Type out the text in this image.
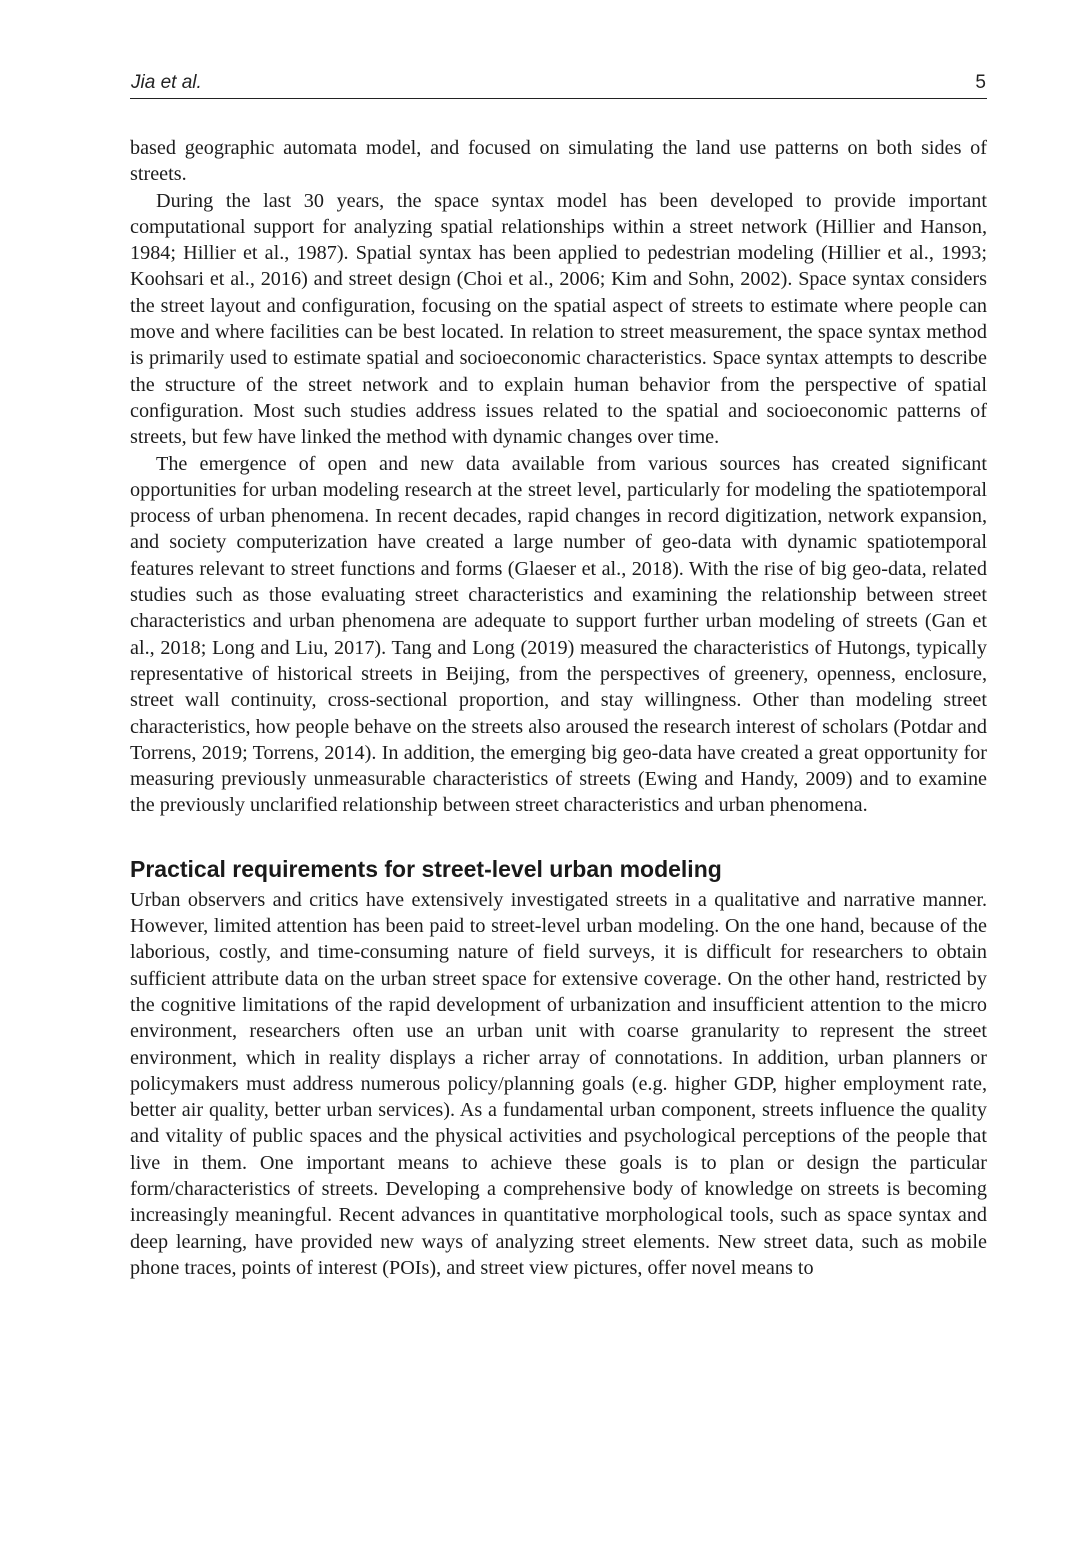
Jia et al.	5

based geographic automata model, and focused on simulating the land use patterns on both sides of streets.

During the last 30 years, the space syntax model has been developed to provide important computational support for analyzing spatial relationships within a street network (Hillier and Hanson, 1984; Hillier et al., 1987). Spatial syntax has been applied to pedestrian modeling (Hillier et al., 1993; Koohsari et al., 2016) and street design (Choi et al., 2006; Kim and Sohn, 2002). Space syntax considers the street layout and configuration, focusing on the spatial aspect of streets to estimate where people can move and where facilities can be best located. In relation to street measurement, the space syntax method is primarily used to estimate spatial and socioeconomic characteristics. Space syntax attempts to describe the structure of the street network and to explain human behavior from the perspective of spatial configuration. Most such studies address issues related to the spatial and socioeconomic patterns of streets, but few have linked the method with dynamic changes over time.

The emergence of open and new data available from various sources has created significant opportunities for urban modeling research at the street level, particularly for modeling the spatiotemporal process of urban phenomena. In recent decades, rapid changes in record digitization, network expansion, and society computerization have created a large number of geo-data with dynamic spatiotemporal features relevant to street functions and forms (Glaeser et al., 2018). With the rise of big geo-data, related studies such as those evaluating street characteristics and examining the relationship between street characteristics and urban phenomena are adequate to support further urban modeling of streets (Gan et al., 2018; Long and Liu, 2017). Tang and Long (2019) measured the characteristics of Hutongs, typically representative of historical streets in Beijing, from the perspectives of greenery, openness, enclosure, street wall continuity, cross-sectional proportion, and stay willingness. Other than modeling street characteristics, how people behave on the streets also aroused the research interest of scholars (Potdar and Torrens, 2019; Torrens, 2014). In addition, the emerging big geo-data have created a great opportunity for measuring previously unmeasurable characteristics of streets (Ewing and Handy, 2009) and to examine the previously unclarified relationship between street characteristics and urban phenomena.

Practical requirements for street-level urban modeling

Urban observers and critics have extensively investigated streets in a qualitative and narrative manner. However, limited attention has been paid to street-level urban modeling. On the one hand, because of the laborious, costly, and time-consuming nature of field surveys, it is difficult for researchers to obtain sufficient attribute data on the urban street space for extensive coverage. On the other hand, restricted by the cognitive limitations of the rapid development of urbanization and insufficient attention to the micro environment, researchers often use an urban unit with coarse granularity to represent the street environment, which in reality displays a richer array of connotations. In addition, urban planners or policymakers must address numerous policy/planning goals (e.g. higher GDP, higher employment rate, better air quality, better urban services). As a fundamental urban component, streets influence the quality and vitality of public spaces and the physical activities and psychological perceptions of the people that live in them. One important means to achieve these goals is to plan or design the particular form/characteristics of streets. Developing a comprehensive body of knowledge on streets is becoming increasingly meaningful. Recent advances in quantitative morphological tools, such as space syntax and deep learning, have provided new ways of analyzing street elements. New street data, such as mobile phone traces, points of interest (POIs), and street view pictures, offer novel means to
